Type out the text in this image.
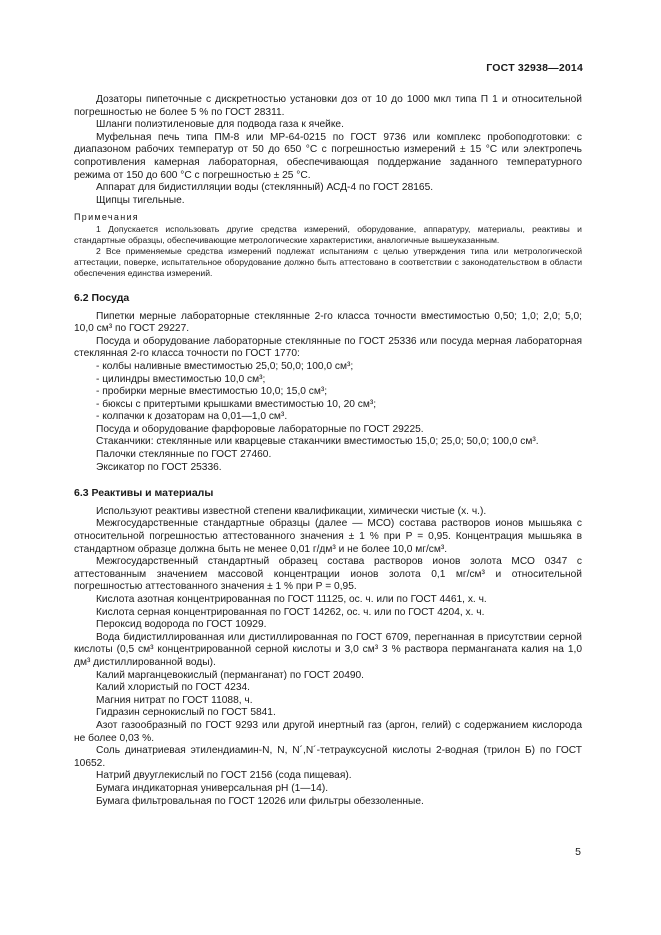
ГОСТ 32938—2014

Дозаторы пипеточные с дискретностью установки доз от 10 до 1000 мкл типа П 1 и относительной погрешностью не более 5 % по ГОСТ 28311.

Шланги полиэтиленовые для подвода газа к ячейке.

Муфельная печь типа ПМ-8 или МР-64-0215 по ГОСТ 9736 или комплекс пробоподготовки: с диапазоном рабочих температур от 50 до 650 °C с погрешностью измерений ± 15 °C или электропечь сопротивления камерная лабораторная, обеспечивающая поддержание заданного температурного режима от 150 до 600 °C с погрешностью ± 25 °C.

Аппарат для бидистилляции воды (стеклянный) АСД-4 по ГОСТ 28165.

Щипцы тигельные.

Примечания

1 Допускается использовать другие средства измерений, оборудование, аппаратуру, материалы, реактивы и стандартные образцы, обеспечивающие метрологические характеристики, аналогичные вышеуказанным.

2 Все применяемые средства измерений подлежат испытаниям с целью утверждения типа или метрологической аттестации, поверке, испытательное оборудование должно быть аттестовано в соответствии с законодательством в области обеспечения единства измерений.

6.2 Посуда

Пипетки мерные лабораторные стеклянные 2-го класса точности вместимостью 0,50; 1,0; 2,0; 5,0; 10,0 см³ по ГОСТ 29227.

Посуда и оборудование лабораторные стеклянные по ГОСТ 25336 или посуда мерная лабораторная стеклянная 2-го класса точности по ГОСТ 1770:

- колбы наливные вместимостью 25,0; 50,0; 100,0 см³;

- цилиндры вместимостью 10,0 см³;

- пробирки мерные вместимостью 10,0; 15,0 см³;

- бюксы с притертыми крышками вместимостью 10, 20 см³;

- колпачки к дозаторам на 0,01—1,0 см³.

Посуда и оборудование фарфоровые лабораторные по ГОСТ 29225.

Стаканчики: стеклянные или кварцевые стаканчики вместимостью 15,0; 25,0; 50,0; 100,0 см³.

Палочки стеклянные по ГОСТ 27460.

Эксикатор по ГОСТ 25336.

6.3 Реактивы и материалы

Используют реактивы известной степени квалификации, химически чистые (х. ч.).

Межгосударственные стандартные образцы (далее — МСО) состава растворов ионов мышьяка с относительной погрешностью аттестованного значения ± 1 % при Р = 0,95. Концентрация мышьяка в стандартном образце должна быть не менее 0,01 г/дм³ и не более 10,0 мг/см³.

Межгосударственный стандартный образец состава растворов ионов золота МСО 0347 с аттестованным значением массовой концентрации ионов золота 0,1 мг/см³ и относительной погрешностью аттестованного значения ± 1 % при Р = 0,95.

Кислота азотная концентрированная по ГОСТ 11125, ос. ч. или по ГОСТ 4461, х. ч.

Кислота серная концентрированная по ГОСТ 14262, ос. ч. или по ГОСТ 4204, х. ч.

Пероксид водорода по ГОСТ 10929.

Вода бидистиллированная или дистиллированная по ГОСТ 6709, перегнанная в присутствии серной кислоты (0,5 см³ концентрированной серной кислоты и 3,0 см³ 3 % раствора перманганата калия на 1,0 дм³ дистиллированной воды).

Калий марганцевокислый (перманганат) по ГОСТ 20490.

Калий хлористый по ГОСТ 4234.

Магния нитрат по ГОСТ 11088, ч.

Гидразин сернокислый по ГОСТ 5841.

Азот газообразный по ГОСТ 9293 или другой инертный газ (аргон, гелий) с содержанием кислорода не более 0,03 %.

Соль динатриевая этилендиамин-N, N, N´,N´-тетрауксусной кислоты 2-водная (трилон Б) по ГОСТ 10652.

Натрий двууглекислый по ГОСТ 2156 (сода пищевая).

Бумага индикаторная универсальная рН (1—14).

Бумага фильтровальная по ГОСТ 12026 или фильтры обеззоленные.

5
